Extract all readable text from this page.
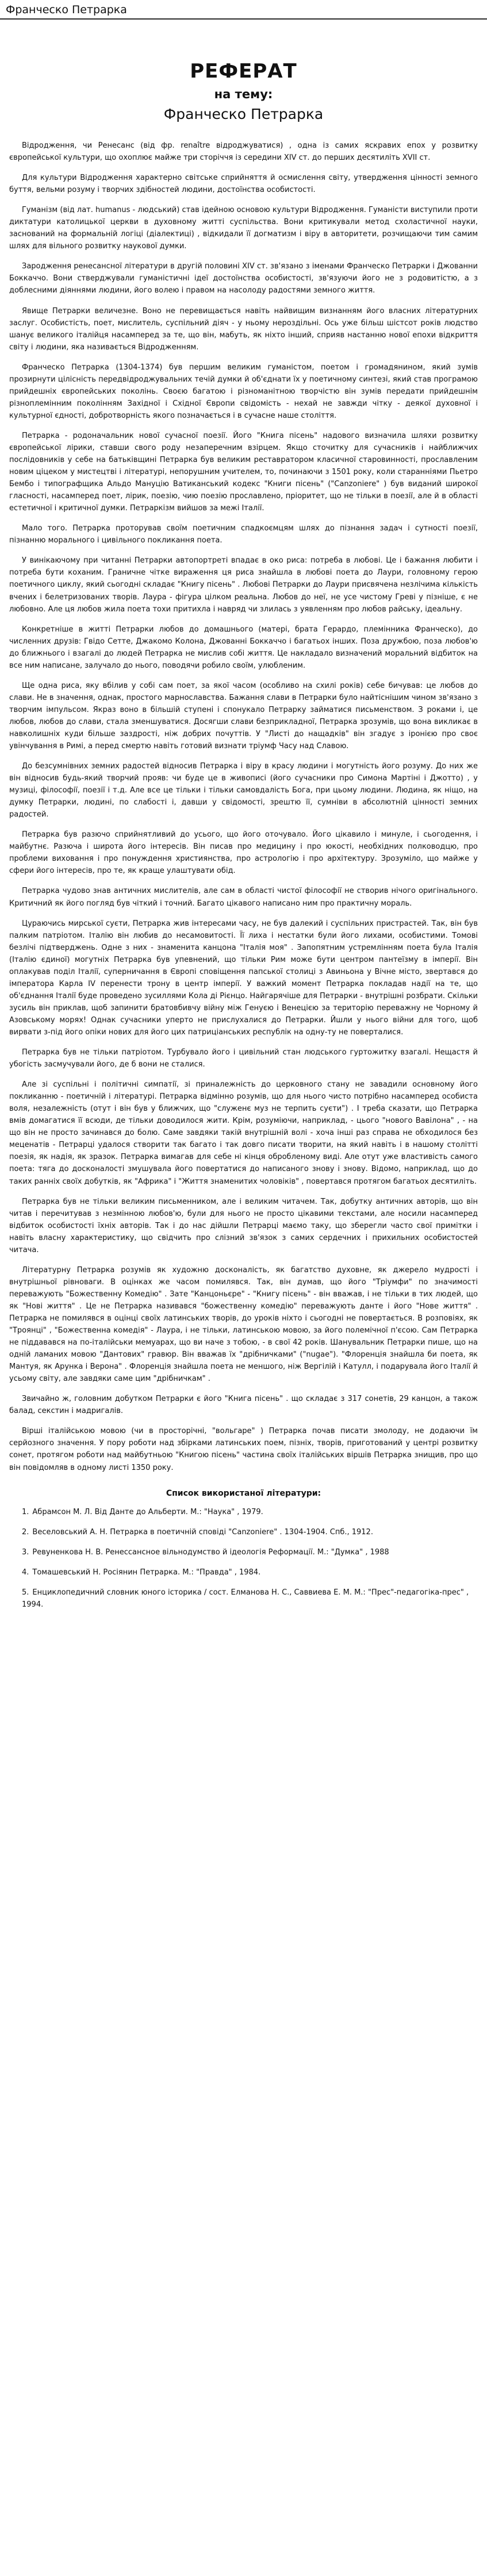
Франческо Петрарка
РЕФЕРАТ
на тему:
Франческо Петрарка

Відродження, чи Ренесанс (від фр. renaître відроджуватися) , одна із самих яскравих епох у розвитку європейської культури, що охоплює майже три сторіччя із середини XIV ст. до перших десятиліть XVII ст.

Для культури Відродження характерно світське сприйняття й осмислення світу, утвердження цінності земного буття, вельми розуму і творчих здібностей людини, достоїнства особистості.

Гуманізм (від лат. humanus - людський) став ідейною основою культури Відродження. Гуманісти виступили проти диктатури католицької церкви в духовному житті суспільства. Вони критикували метод схоластичної науки, заснований на формальній логіці (діалектиці) , відкидали її догматизм і віру в авторитети, розчищаючи тим самим шлях для вільного розвитку наукової думки.

Зародження ренесансної літератури в другій половині XIV ст. зв'язано з іменами Франческо Петрарки і Джованни Боккаччо. Вони стверджували гуманістичні ідеї достоїнства особистості, зв'язуючи його не з родовитістю, а з доблесними діяннями людини, його волею і правом на насолоду радостями земного життя.

Явище Петрарки величезне. Воно не перевищається навіть найвищим визнанням його власних літературних заслуг. Особистість, поет, мислитель, суспільний діяч - у ньому нероздільні. Ось уже більш шістсот років людство шанує великого італійця насамперед за те, що він, мабуть, як ніхто інший, сприяв настанню нової епохи відкриття світу і людини, яка називається Відродженням.

Франческо Петрарка (1304-1374) був першим великим гуманістом, поетом і громадянином, який зумів прозирнути цілісність передвідроджувальних течій думки й об'єднати їх у поетичному синтезі, який став програмою прийдешніх європейських поколінь. Своєю багатою і різноманітною творчістю він зумів передати прийдешнім різноплемінним поколінням Західної і Східної Європи свідомість - нехай не завжди чітку - деякої духовної і культурної єдності, добротворність якого позначається і в сучасне наше століття.

Петрарка - родоначальник нової сучасної поезії. Його "Книга пісень" надового визначила шляхи розвитку європейської лірики, ставши свого роду незаперечним взірцем. Якщо сточитку для сучасників і найближчих послідовників у себе на батьківщині Петрарка був великим реставратором класичної старовинності, прославленим новим ціцеком у мистецтві і літературі, непорушним учителем, то, починаючи з 1501 року, коли старанніями Пьетро Бембо і типографщика Альдо Мануцію Ватиканський кодекс "Книги пісень" ("Canzoniere" ) був виданий широкої гласності, насамперед поет, лірик, поезію, чию поезію прославлено, пріоритет, що не тільки в поезії, але й в області естетичної і критичної думки. Петраркізм вийшов за межі Італії.

Мало того. Петрарка проторував своїм поетичним спадкоємцям шлях до пізнання задач і сутності поезії, пізнанню морального і цивільного покликання поета.

У винікаючому при читанні Петрарки автопортреті впадає в око риса: потреба в любові. Це і бажання любити і потреба бути коханим. Граничне чітке вираження ця риса знайшла в любові поета до Лаури, головному герою поетичного циклу, який сьогодні складає "Книгу пісень" . Любові Петрарки до Лаури присвячена незлічима кількість вчених і белетризованих творів. Лаура - фігура цілком реальна. Любов до неї, не усе чистому Греві у пізніше, є не любовно. Але ця любов жила поета тохи притихла і навряд чи злилась з уявленням про любов райську, ідеальну.

Конкретніше в житті Петрарки любов до домашнього (матері, брата Герардо, племінника Франческо), до численних друзів: Гвідо Сетте, Джакомо Колона, Джованні Боккаччо і багатьох інших. Поза дружбою, поза любов'ю до ближнього і взагалі до людей Петрарка не мислив собі життя. Це накладало визначений моральний відбиток на все ним написане, залучало до нього, поводячи робило своїм, улюбленим.

Ще одна риса, яку вбілив у собі сам поет, за якої часом (особливо на схилі років) себе бичував: це любов до слави. Не в значення, однак, простого марнославства. Бажання слави в Петрарки було найтіснішим чином зв'язано з творчим імпульсом. Якраз воно в більшій ступені і спонукало Петрарку займатися письменством. З роками і, це любов, любов до слави, стала зменшуватися. Досягши слави безприкладної, Петрарка зрозумів, що вона викликає в навколишніх куди більше заздрості, ніж добрих почуттів. У "Листі до нащадків" він згадує з іронією про своє увінчування в Римі, а перед смертю навіть готовий визнати тріумф Часу над Славою.

До безсумнівних земних радостей відносив Петрарка і віру в красу людини і могутність його розуму. До них же він відносив будь-який творчий прояв: чи буде це в живописі (його сучасники про Симона Мартіні і Джотто) , у музиці, філософії, поезії і т.д. Але все це тільки і тільки самовдалість Бога, при цьому людини. Людина, як ніщо, на думку Петрарки, людині, по слабості і, давши у свідомості, зрештю її, сумніви в абсолютній цінності земних радостей.

Петрарка був разючо сприйнятливий до усього, що його оточувало. Його цікавило і минуле, і сьогодення, і майбутнє. Разюча і широта його інтересів. Він писав про медицину і про юкості, необхідних полководцю, про проблеми виховання і про понуждення християнства, про астрологію і про архітектуру. Зрозуміло, що майже у сфери його інтересів, про те, як краще улаштувати обід.

Петрарка чудово знав античних мислителів, але сам в області чистої філософії не створив нічого оригінального. Критичний як його погляд був чіткий і точний. Багато цікавого написано ним про практичну мораль.

Цураючись мирської суєти, Петрарка жив інтересами часу, не був далекий і суспільних пристрастей. Так, він був палким патріотом. Італію він любив до несамовитості. Її лиха і нестатки були його лихами, особистими. Томові безлічі підтверджень. Одне з них - знаменита канцона "Італія моя" . Запопятним устремлінням поета була Італія (Італію єдиної) могутніх Петрарка був упевнений, що тільки Рим може бути центром пантеїзму в імперії. Він оплакував поділ Італії, суперничання в Європі сповіщення папської столиці з Авиньона у Вічне місто, звертався до імператора Карла IV перенести трону в центр імперії. У важкий момент Петрарка покладав надії на те, що об'єднання Італії буде проведено зусиллями Кола ді Рієнцо. Найгарячіше для Петрарки - внутрішні розбрати. Скільки зусиль він приклав, щоб запинити братовбивчу війну між Генуєю і Венецією за територію переважну не Чорному й Азовському морях! Однак сучасники уперто не прислухалися до Петрарки. Йшли у нього війни для того, щоб вирвати з-під його опіки нових для його цих патриціанських республік на одну-ту не поверталися.

Петрарка був не тільки патріотом. Турбувало його і цивільний стан людського гуртожитку взагалі. Нещастя й убогість засмучували його, де б вони не сталися.

Але зі суспільні і політичні симпатії, зі приналежність до церковного стану не завадили основному його покликанню - поетичній і літературі. Петрарка відмінно розумів, що для нього чисто потрібно насамперед особиста воля, незалежність (отут і він був у ближчих, що "служенє муз не терпить суєти") . І треба сказати, що Петрарка вмів домагатися її всюди, де тільки доводилося жити. Крім, розуміючи, наприклад, - цього "нового Вавілона" , - на що він не просто зачинався до болю. Саме завдяки такій внутрішній волі - хоча інші раз справа не обходилося без меценатів - Петрарці удалося створити так багато і так довго писати творити, на який навіть і в нашому столітті поезія, як надія, як зразок. Петрарка вимагав для себе ні кінця обробленому виді. Але отут уже властивість самого поета: тяга до досконалості змушувала його повертатися до написаного знову і знову. Відомо, наприклад, що до таких ранніх своїх добутків, як "Африка" і "Життя знаменитих чоловіків" , повертався протягом багатьох десятиліть.

Петрарка був не тільки великим письменником, але і великим читачем. Так, добутку античних авторів, що він читав і перечитував з незмінною любов'ю, були для нього не просто цікавими текстами, але носили насамперед відбиток особистості їхніх авторів. Так і до нас дійшли Петрарці маємо таку, що зберегли часто свої примітки і навіть власну характеристику, що свідчить про слізний зв'язок з самих сердечних і прихильних особистостей читача.

Літературну Петрарка розумів як художню досконалість, як багатство духовне, як джерело мудрості і внутрішньої рівноваги. В оцінках же часом помилявся. Так, він думав, що його "Тріумфи" по значимості переважують "Божественну Комедію" . Зате "Канцоньєре" - "Книгу пісень" - він вважав, і не тільки в тих людей, що як "Нові життя" . Це не Петрарка називався "божественну комедію" переважують данте і його "Нове життя" . Петрарка не помилявся в оцінці своїх латинських творів, до уроків ніхто і сьогодні не повертається. В розповіях, як "Троянці" , "Божественна комедія" - Лаура, і не тільки, латинською мовою, за його полемічної п'єсою. Сам Петрарка не піддавався на по-італійськи мемуарах, що ви наче з тобою, - в свої 42 років. Шанувальник Петрарки пише, що на одній ламаних мовою "Дантових" гравюр. Він вважав їх "дрібничками" ("nugae"). "Флоренція знайшла би поета, як Мантуя, як Арунка і Верона" . Флоренція знайшла поета не меншого, ніж Вергілій і Катулл, і подарувала його Італії й усьому світу, але завдяки саме цим "дрібничкам" .

Звичайно ж, головним добутком Петрарки є його "Книга пісень" . що складає з 317 сонетів, 29 канцон, а також балад, секстин і мадригалів.

Вірші італійською мовою (чи в просторічні, "вольгаре" ) Петрарка почав писати змолоду, не додаючи їм серйозного значення. У пору роботи над збірками латинських поем, пізніх, творів, приготований у центрі розвитку сонет, протягом роботи над майбутньою "Книгою пісень" частина своїх італійських віршів Петрарка знищив, про що він повідомляв в одному листі 1350 року.

Список використаної літератури:
1. Абрамсон М. Л. Від Данте до Альберти. М.: "Наука" , 1979.
2. Веселовський А. Н. Петрарка в поетичній сповіді "Canzoniere" . 1304-1904. Спб., 1912.
3. Ревуненкова Н. В. Ренессансное вільнодумство й ідеологія Реформації. М.: "Думка" , 1988
4. Томашевський Н. Росіянин Петрарка. М.: "Правда" , 1984.
5. Енциклопедичний словник юного історика / сост. Елманова Н. С., Саввиева Е. М. М.: "Прес"-педагогіка-прес" , 1994.
